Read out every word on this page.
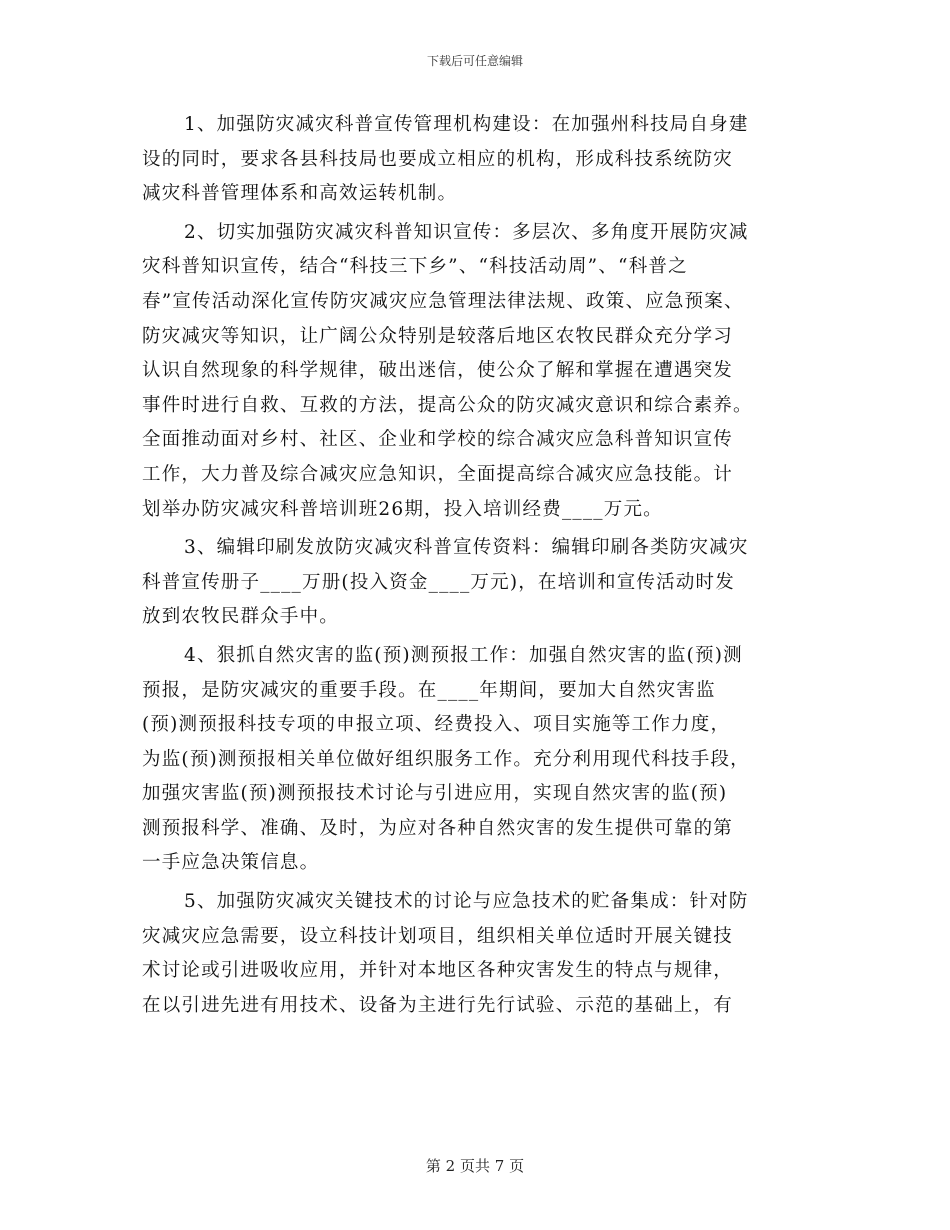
下载后可任意编辑
1、加强防灾减灾科普宣传管理机构建设：在加强州科技局自身建
设的同时，要求各县科技局也要成立相应的机构，形成科技系统防灾
减灾科普管理体系和高效运转机制。
2、切实加强防灾减灾科普知识宣传：多层次、多角度开展防灾减
灾科普知识宣传，结合“科技三下乡”、“科技活动周”、“科普之
春”宣传活动深化宣传防灾减灾应急管理法律法规、政策、应急预案、
防灾减灾等知识，让广阔公众特别是较落后地区农牧民群众充分学习
认识自然现象的科学规律，破出迷信，使公众了解和掌握在遭遇突发
事件时进行自救、互救的方法，提高公众的防灾减灾意识和综合素养。
全面推动面对乡村、社区、企业和学校的综合减灾应急科普知识宣传
工作，大力普及综合减灾应急知识，全面提高综合减灾应急技能。计
划举办防灾减灾科普培训班26期，投入培训经费____万元。
3、编辑印刷发放防灾减灾科普宣传资料：编辑印刷各类防灾减灾
科普宣传册子____万册(投入资金____万元)，在培训和宣传活动时发
放到农牧民群众手中。
4、狠抓自然灾害的监(预)测预报工作：加强自然灾害的监(预)测
预报，是防灾减灾的重要手段。在____年期间，要加大自然灾害监
(预)测预报科技专项的申报立项、经费投入、项目实施等工作力度，
为监(预)测预报相关单位做好组织服务工作。充分利用现代科技手段，
加强灾害监(预)测预报技术讨论与引进应用，实现自然灾害的监(预)
测预报科学、准确、及时，为应对各种自然灾害的发生提供可靠的第
一手应急决策信息。
5、加强防灾减灾关键技术的讨论与应急技术的贮备集成：针对防
灾减灾应急需要，设立科技计划项目，组织相关单位适时开展关键技
术讨论或引进吸收应用，并针对本地区各种灾害发生的特点与规律，
在以引进先进有用技术、设备为主进行先行试验、示范的基础上，有
第 2 页共 7 页
